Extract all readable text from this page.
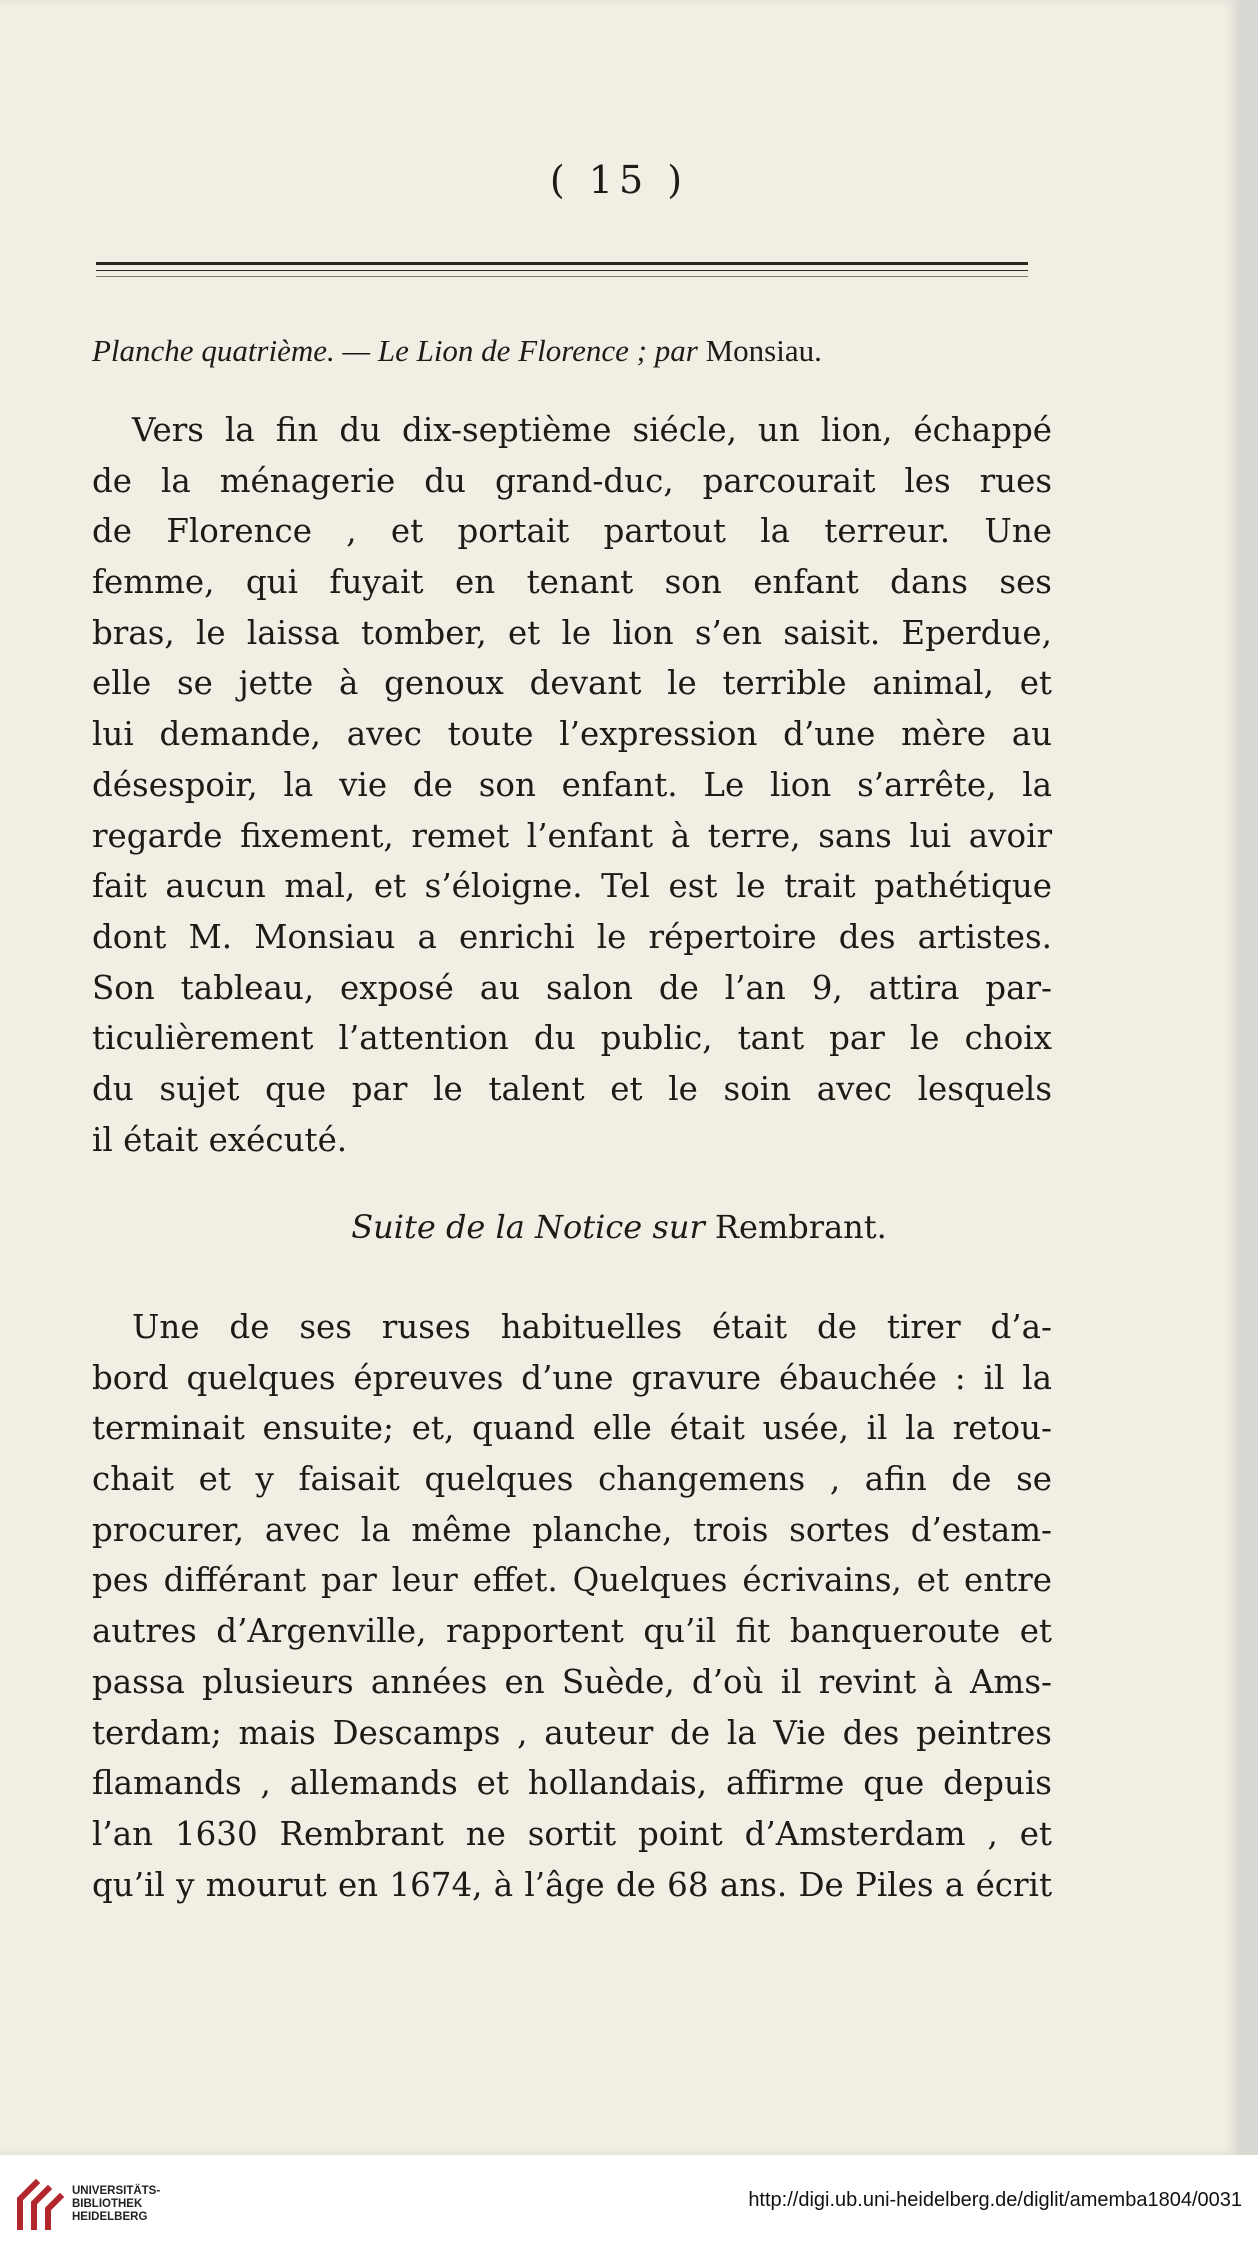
( 15 )
Planche quatrième. — Le Lion de Florence ; par Monsiau.
Vers la fin du dix-septième siécle, un lion, échappé
de la ménagerie du grand-duc, parcourait les rues
de Florence , et portait partout la terreur. Une
femme, qui fuyait en tenant son enfant dans ses
bras, le laissa tomber, et le lion s’en saisit. Eperdue,
elle se jette à genoux devant le terrible animal, et
lui demande, avec toute l’expression d’une mère au
désespoir, la vie de son enfant. Le lion s’arrête, la
regarde fixement, remet l’enfant à terre, sans lui avoir
fait aucun mal, et s’éloigne. Tel est le trait pathétique
dont M. Monsiau a enrichi le répertoire des artistes.
Son tableau, exposé au salon de l’an 9, attira par-
ticulièrement l’attention du public, tant par le choix
du sujet que par le talent et le soin avec lesquels
il était exécuté.
Suite de la Notice sur Rembrant.
Une de ses ruses habituelles était de tirer d’a-
bord quelques épreuves d’une gravure ébauchée : il la
terminait ensuite; et, quand elle était usée, il la retou-
chait et y faisait quelques changemens , afin de se
procurer, avec la même planche, trois sortes d’estam-
pes différant par leur effet. Quelques écrivains, et entre
autres d’Argenville, rapportent qu’il fit banqueroute et
passa plusieurs années en Suède, d’où il revint à Ams-
terdam; mais Descamps , auteur de la Vie des peintres
flamands , allemands et hollandais, affirme que depuis
l’an 1630 Rembrant ne sortit point d’Amsterdam , et
qu’il y mourut en 1674, à l’âge de 68 ans. De Piles a écrit
UNIVERSITÄTS-
BIBLIOTHEK
HEIDELBERG
http://digi.ub.uni-heidelberg.de/diglit/amemba1804/0031
